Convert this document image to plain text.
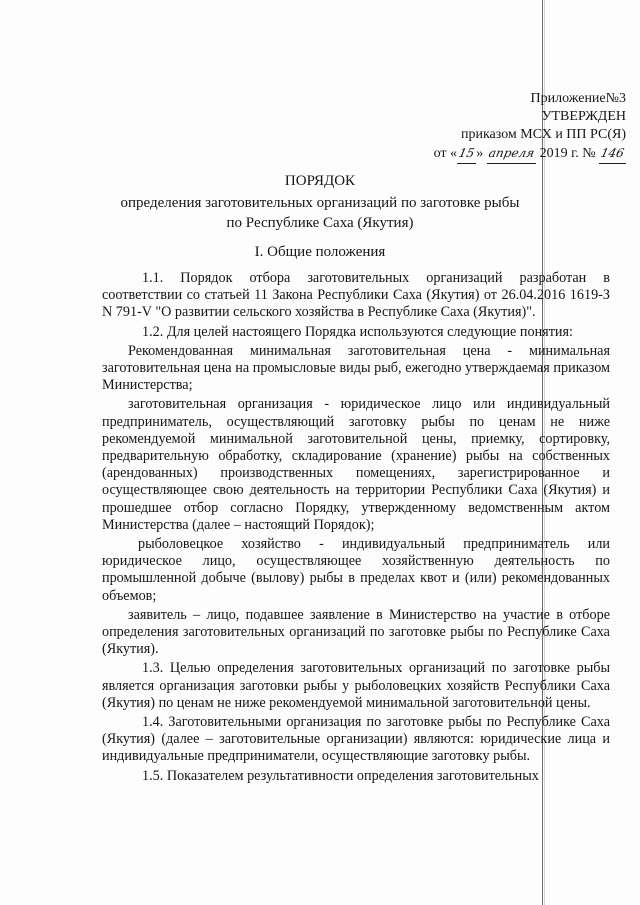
Приложение№3
УТВЕРЖДЕН
приказом МСХ и ПП РС(Я)
от «15» апреля 2019 г. № 146
ПОРЯДОК
определения заготовительных организаций по заготовке рыбы
по Республике Саха (Якутия)
I. Общие положения

1.1. Порядок отбора заготовительных организаций разработан в соответствии со статьей 11 Закона Республики Саха (Якутия) от 26.04.2016 1619-З N 791-V "О развитии сельского хозяйства в Республике Саха (Якутия)".

1.2. Для целей настоящего Порядка используются следующие понятия:

Рекомендованная минимальная заготовительная цена - минимальная заготовительная цена на промысловые виды рыб, ежегодно утверждаемая приказом Министерства;

заготовительная организация - юридическое лицо или индивидуальный предприниматель, осуществляющий заготовку рыбы по ценам не ниже рекомендуемой минимальной заготовительной цены, приемку, сортировку, предварительную обработку, складирование (хранение) рыбы на собственных (арендованных) производственных помещениях, зарегистрированное и осуществляющее свою деятельность на территории Республики Саха (Якутия) и прошедшее отбор согласно Порядку, утвержденному ведомственным актом Министерства (далее – настоящий Порядок);

рыболовецкое хозяйство - индивидуальный предприниматель или юридическое лицо, осуществляющее хозяйственную деятельность по промышленной добыче (вылову) рыбы в пределах квот и (или) рекомендованных объемов;

заявитель – лицо, подавшее заявление в Министерство на участие в отборе определения заготовительных организаций по заготовке рыбы по Республике Саха (Якутия).

1.3. Целью определения заготовительных организаций по заготовке рыбы является организация заготовки рыбы у рыболовецких хозяйств Республики Саха (Якутия) по ценам не ниже рекомендуемой минимальной заготовительной цены.

1.4. Заготовительными организация по заготовке рыбы по Республике Саха (Якутия) (далее – заготовительные организации) являются: юридические лица и индивидуальные предприниматели, осуществляющие заготовку рыбы.

1.5. Показателем результативности определения заготовительных
